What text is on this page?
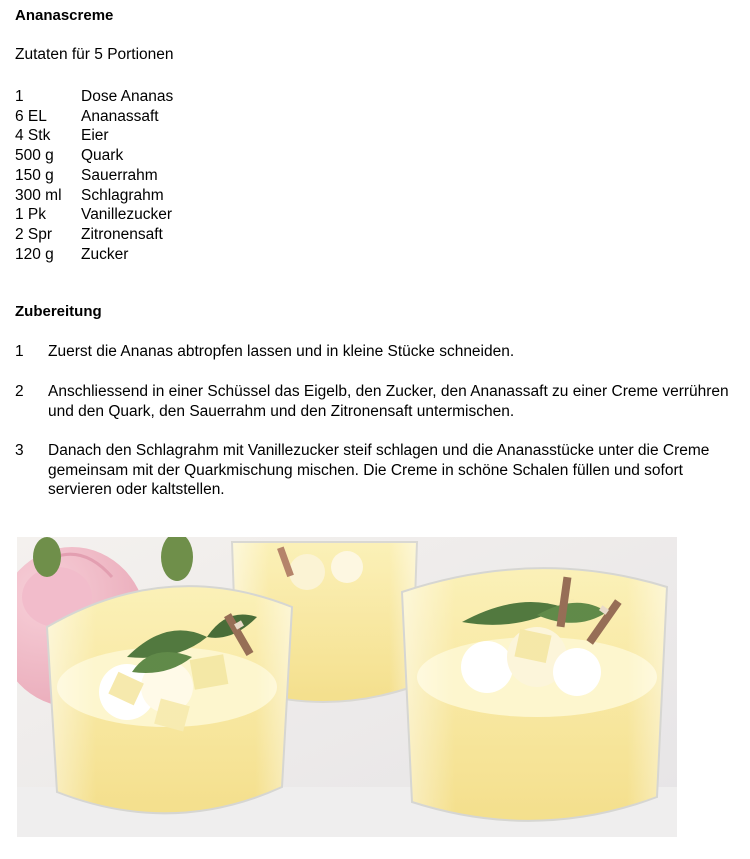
Ananascreme
Zutaten für 5 Portionen
1	Dose Ananas
6 EL	Ananassaft
4 Stk	Eier
500 g	Quark
150 g	Sauerrahm
300 ml	Schlagrahm
1 Pk	Vanillezucker
2 Spr	Zitronensaft
120 g	Zucker
Zubereitung
1	Zuerst die Ananas abtropfen lassen und in kleine Stücke schneiden.
2	Anschliessend in einer Schüssel das Eigelb, den Zucker, den Ananassaft zu einer Creme verrühren und den Quark, den Sauerrahm und den Zitronensaft untermischen.
3	Danach den Schlagrahm mit Vanillezucker steif schlagen und die Ananasstücke unter die Creme gemeinsam mit der Quarkmischung mischen. Die Creme in schöne Schalen füllen und sofort servieren oder kaltstellen.
